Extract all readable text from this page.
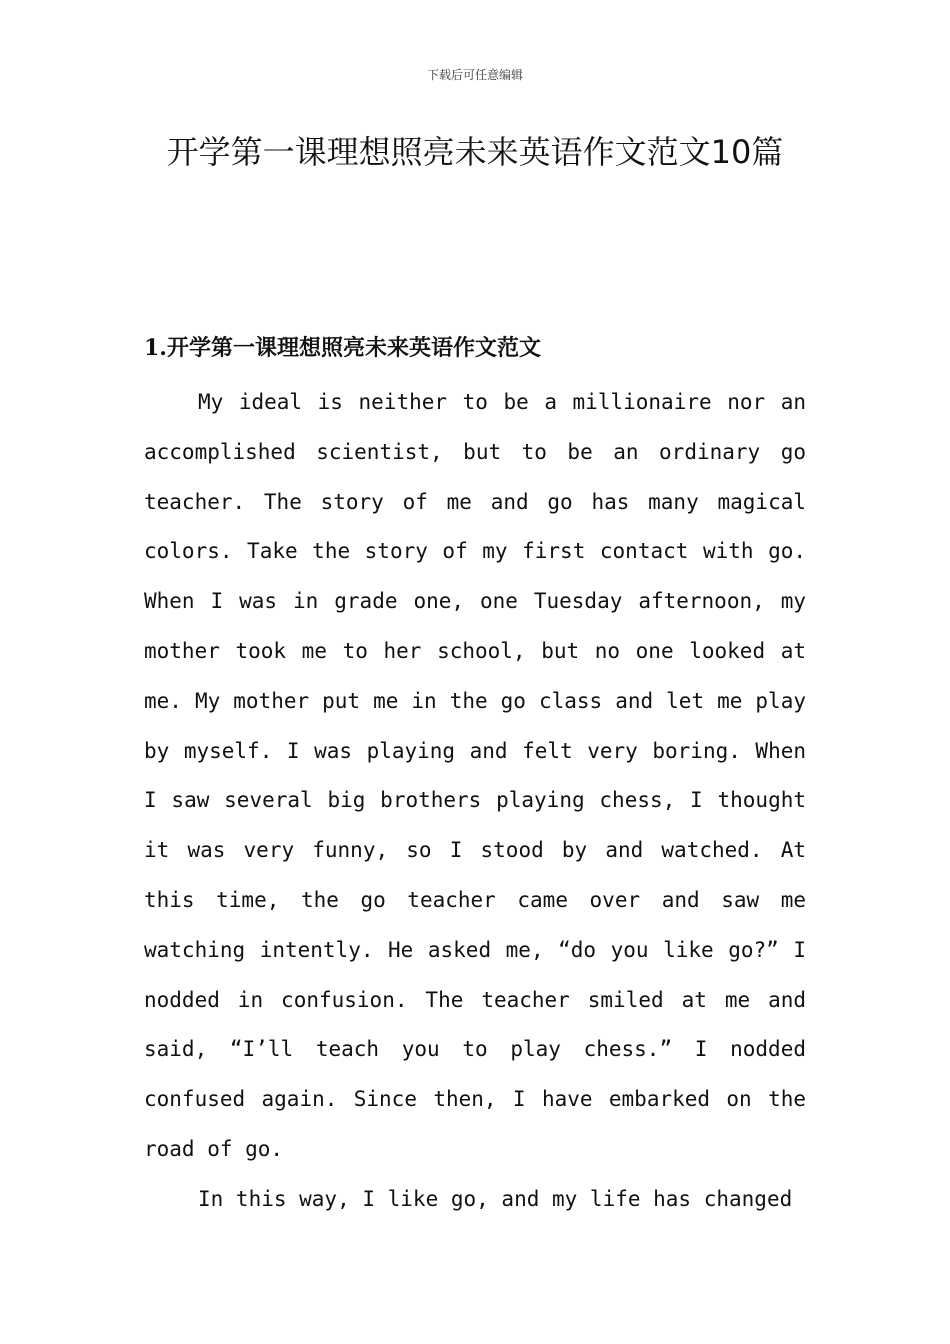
下载后可任意编辑
开学第一课理想照亮未来英语作文范文10篇
1.开学第一课理想照亮未来英语作文范文

My ideal is neither to be a millionaire nor an accomplished scientist, but to be an ordinary go teacher. The story of me and go has many magical colors. Take the story of my first contact with go. When I was in grade one, one Tuesday afternoon, my mother took me to her school, but no one looked at me. My mother put me in the go class and let me play by myself. I was playing and felt very boring. When I saw several big brothers playing chess, I thought it was very funny, so I stood by and watched. At this time, the go teacher came over and saw me watching intently. He asked me, “do you like go?” I nodded in confusion. The teacher smiled at me and said, “I’ll teach you to play chess.” I nodded confused again. Since then, I have embarked on the road of go.

In this way, I like go, and my life has changed
